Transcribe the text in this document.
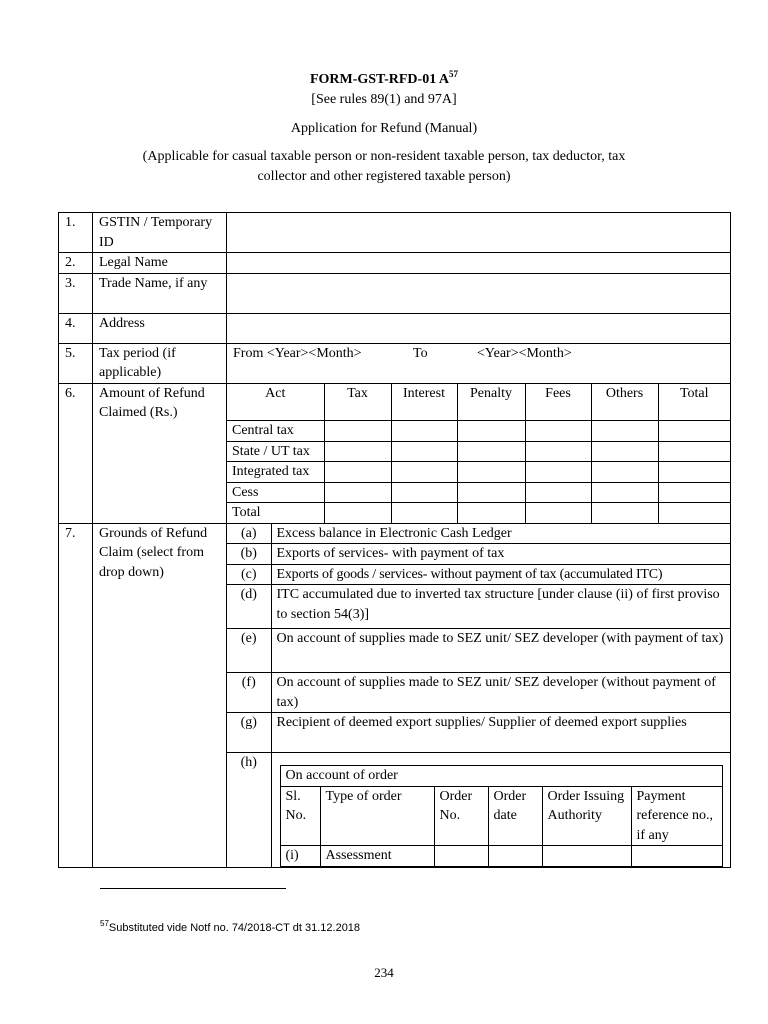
FORM-GST-RFD-01 $A^{57}$
[See rules 89(1) and 97A]
Application for Refund (Manual)
(Applicable for casual taxable person or non-resident taxable person, tax deductor, tax
collector and other registered taxable person)
1.	GSTIN / Temporary ID	
2.	Legal Name	
3.	Trade Name, if any	
4.	Address	
5.	Tax period (if applicable)	From <Year><Month>	To	<Year><Month>
6.	Amount of Refund Claimed (Rs.)	
Act	Tax	Interest	Penalty	Fees	Others	Total
Central tax						
State / UT tax						
Integrated tax						
Cess						
Total						

7.	Grounds of Refund Claim (select from drop down)	
(a)	Excess balance in Electronic Cash Ledger
(b)	Exports of services- with payment of tax
(c)	Exports of goods / services- without payment of tax (accumulated ITC)
(d)	ITC accumulated due to inverted tax structure [under clause (ii) of first proviso to section 54(3)]
(e)	On account of supplies made to SEZ unit/ SEZ developer (with payment of tax)
(f)	On account of supplies made to SEZ unit/ SEZ developer (without payment of tax)
(g)	Recipient of deemed export supplies/ Supplier of deemed export supplies
(h)	
On account of order
Sl. No.	Type of order	Order No.	Order date	Order Issuing Authority	Payment reference no., if any
(i)	Assessment				
$^{57}$Substituted vide Notf no. 74/2018-CT dt 31.12.2018
234
